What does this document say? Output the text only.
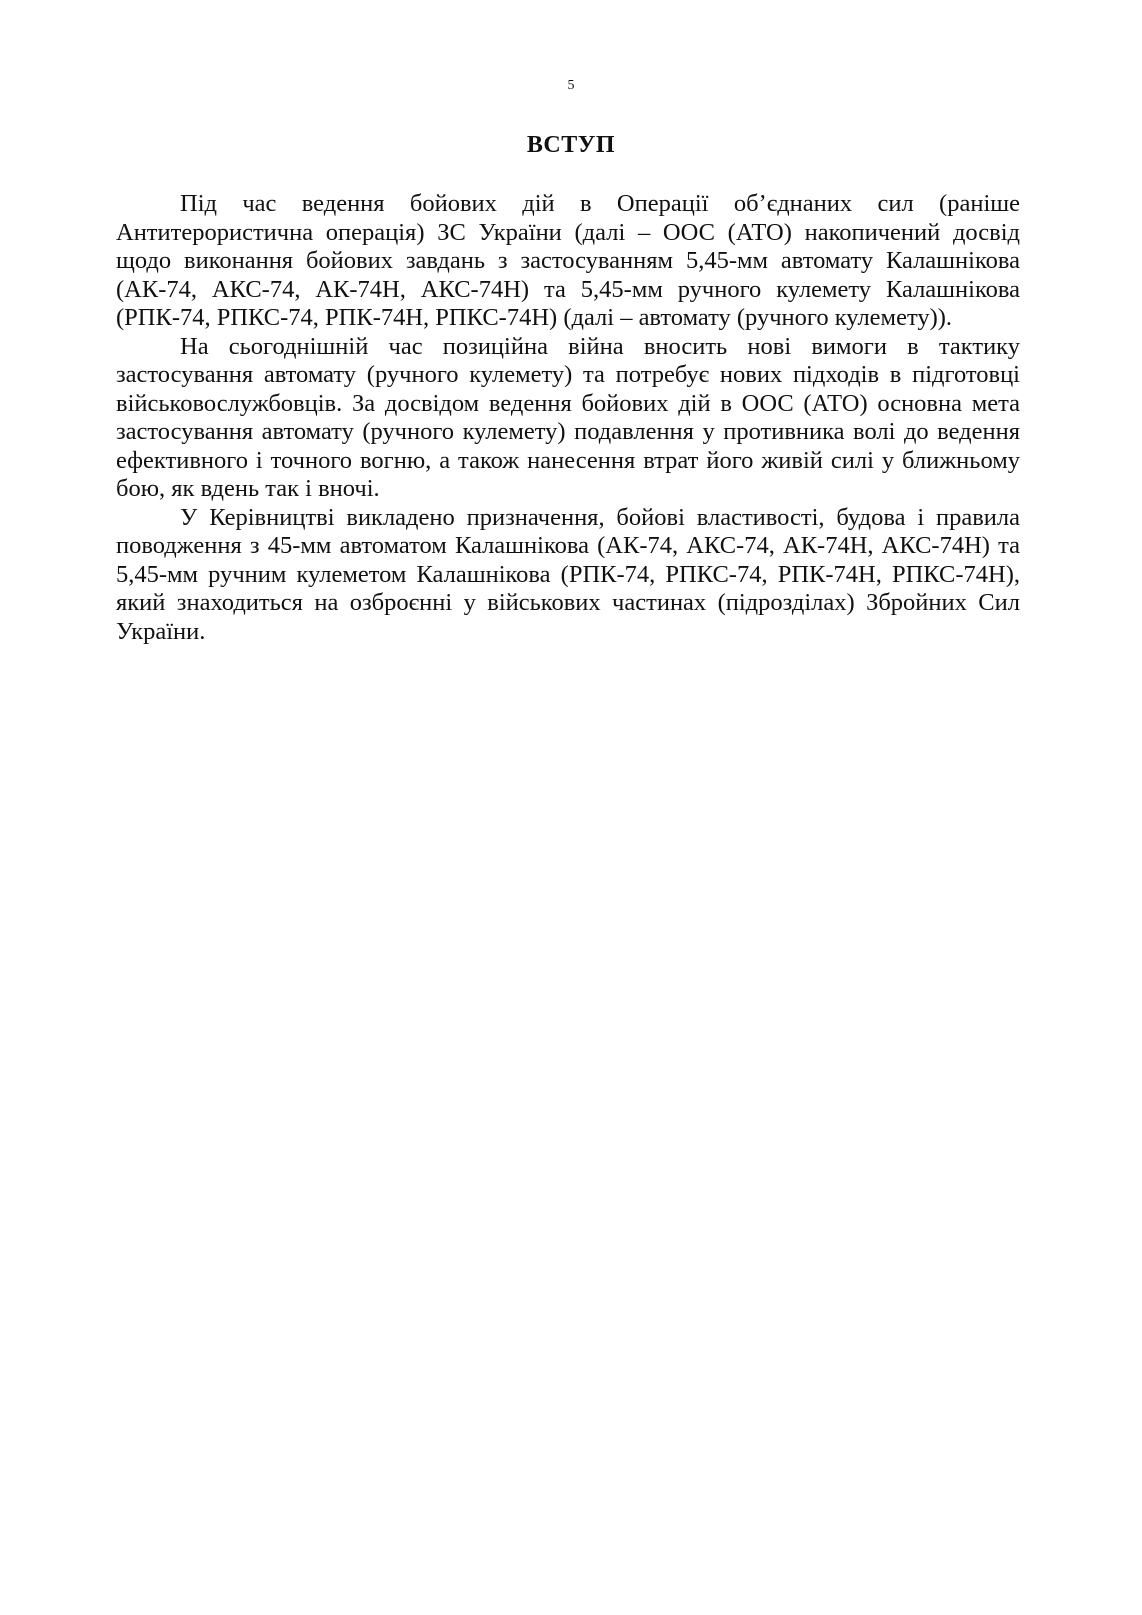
5
ВСТУП

Під час ведення бойових дій в Операції об’єднаних сил (раніше Антитерористична операція) ЗС України (далі – ООС (АТО) накопичений досвід щодо виконання бойових завдань з застосуванням 5,45-мм автомату Калашнікова (АК-74, АКС-74, АК-74Н, АКС-74Н) та 5,45-мм ручного кулемету Калашнікова (РПК-74, РПКС-74, РПК-74Н, РПКС-74Н) (далі – автомату (ручного кулемету)).

На сьогоднішній час позиційна війна вносить нові вимоги в тактику застосування автомату (ручного кулемету) та потребує нових підходів в підготовці військовослужбовців. За досвідом ведення бойових дій в ООС (АТО) основна мета застосування автомату (ручного кулемету) подавлення у противника волі до ведення ефективного і точного вогню, а також нанесення втрат його живій силі у ближньому бою, як вдень так і вночі.

У Керівництві викладено призначення, бойові властивості, будова і правила поводження з 45-мм автоматом Калашнікова (АК-74, АКС-74, АК-74Н, АКС-74Н) та 5,45-мм ручним кулеметом Калашнікова (РПК-74, РПКС-74, РПК-74Н, РПКС-74Н), який знаходиться на озброєнні у військових частинах (підрозділах) Збройних Сил України.
